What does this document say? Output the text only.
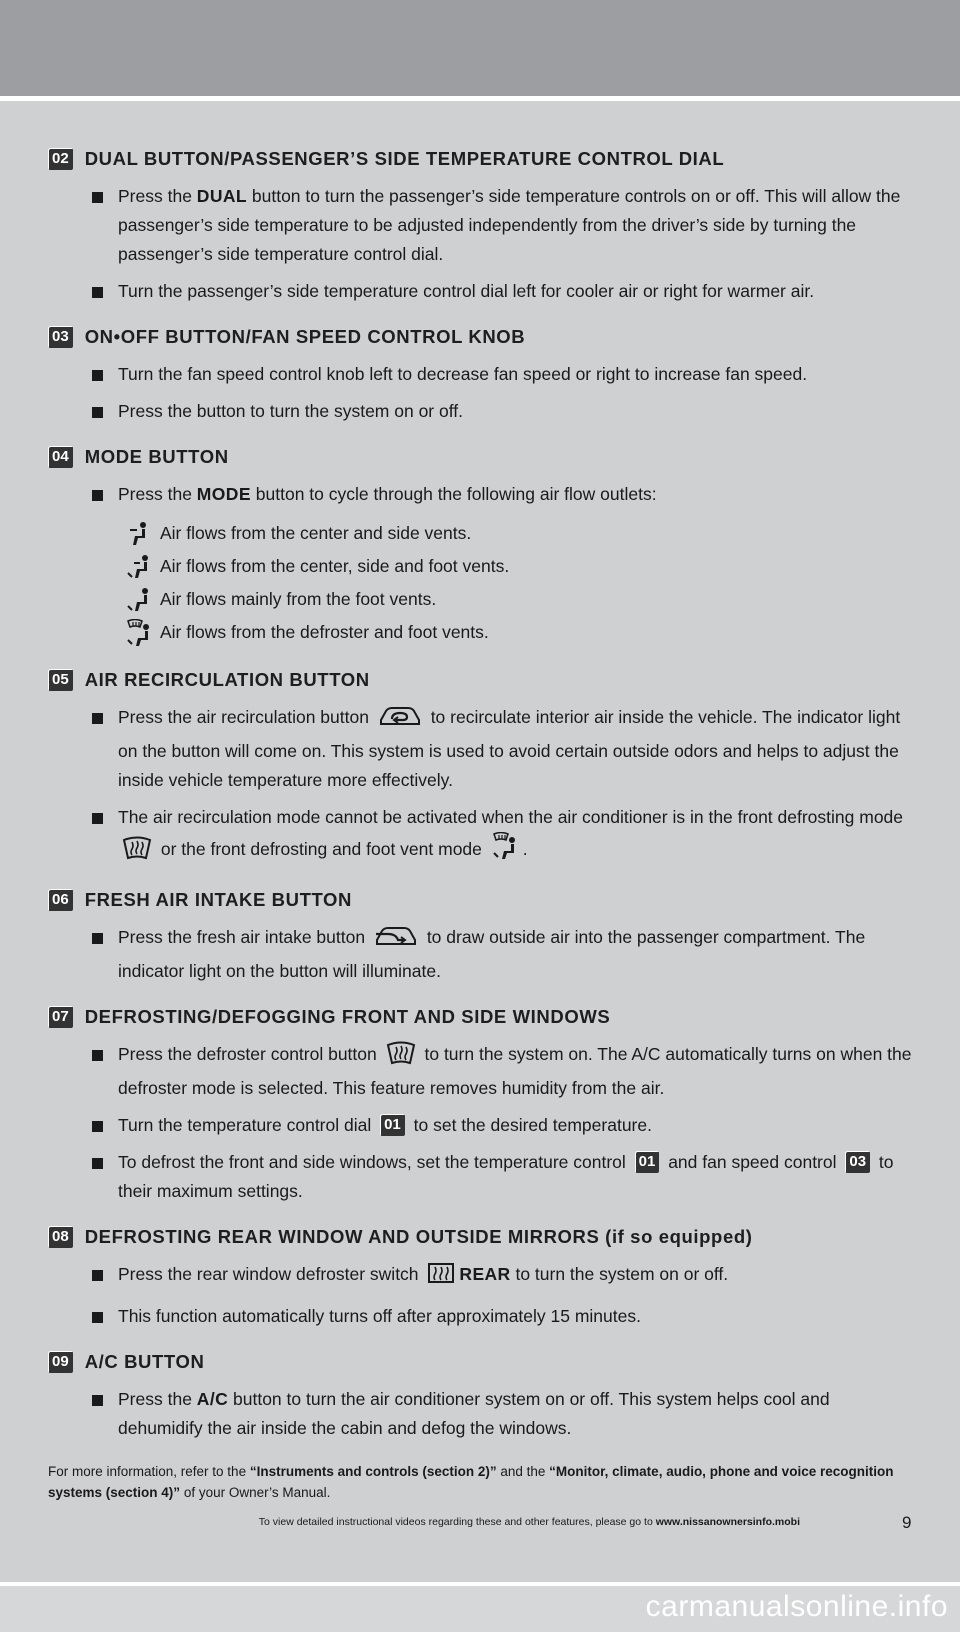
02 DUAL BUTTON/PASSENGER’S SIDE TEMPERATURE CONTROL DIAL
Press the DUAL button to turn the passenger’s side temperature controls on or off. This will allow the passenger’s side temperature to be adjusted independently from the driver’s side by turning the passenger’s side temperature control dial.
Turn the passenger’s side temperature control dial left for cooler air or right for warmer air.
03 ON•OFF BUTTON/FAN SPEED CONTROL KNOB
Turn the fan speed control knob left to decrease fan speed or right to increase fan speed.
Press the button to turn the system on or off.
04 MODE BUTTON
Press the MODE button to cycle through the following air flow outlets:
Air flows from the center and side vents.
Air flows from the center, side and foot vents.
Air flows mainly from the foot vents.
Air flows from the defroster and foot vents.
05 AIR RECIRCULATION BUTTON
Press the air recirculation button	to recirculate interior air inside the vehicle. The indicator light on the button will come on. This system is used to avoid certain outside odors and helps to adjust the inside vehicle temperature more effectively.
The air recirculation mode cannot be activated when the air conditioner is in the front defrosting mode  or the front defrosting and foot vent mode .
06 FRESH AIR INTAKE BUTTON
Press the fresh air intake button	to draw outside air into the passenger compartment. The indicator light on the button will illuminate.
07 DEFROSTING/DEFOGGING FRONT AND SIDE WINDOWS
Press the defroster control button  to turn the system on. The A/C automatically turns on when the defroster mode is selected. This feature removes humidity from the air.
Turn the temperature control dial 01 to set the desired temperature.
To defrost the front and side windows, set the temperature control 01 and fan speed control 03 to their maximum settings.
08 DEFROSTING REAR WINDOW AND OUTSIDE MIRRORS (if so equipped)
Press the rear window defroster switch REAR to turn the system on or off.
This function automatically turns off after approximately 15 minutes.
09 A/C BUTTON
Press the A/C button to turn the air conditioner system on or off. This system helps cool and dehumidify the air inside the cabin and defog the windows.
For more information, refer to the “Instruments and controls (section 2)” and the “Monitor, climate, audio, phone and voice recognition systems (section 4)” of your Owner’s Manual.
To view detailed instructional videos regarding these and other features, please go to www.nissanownersinfo.mobi	9
carmanualsonline.info
